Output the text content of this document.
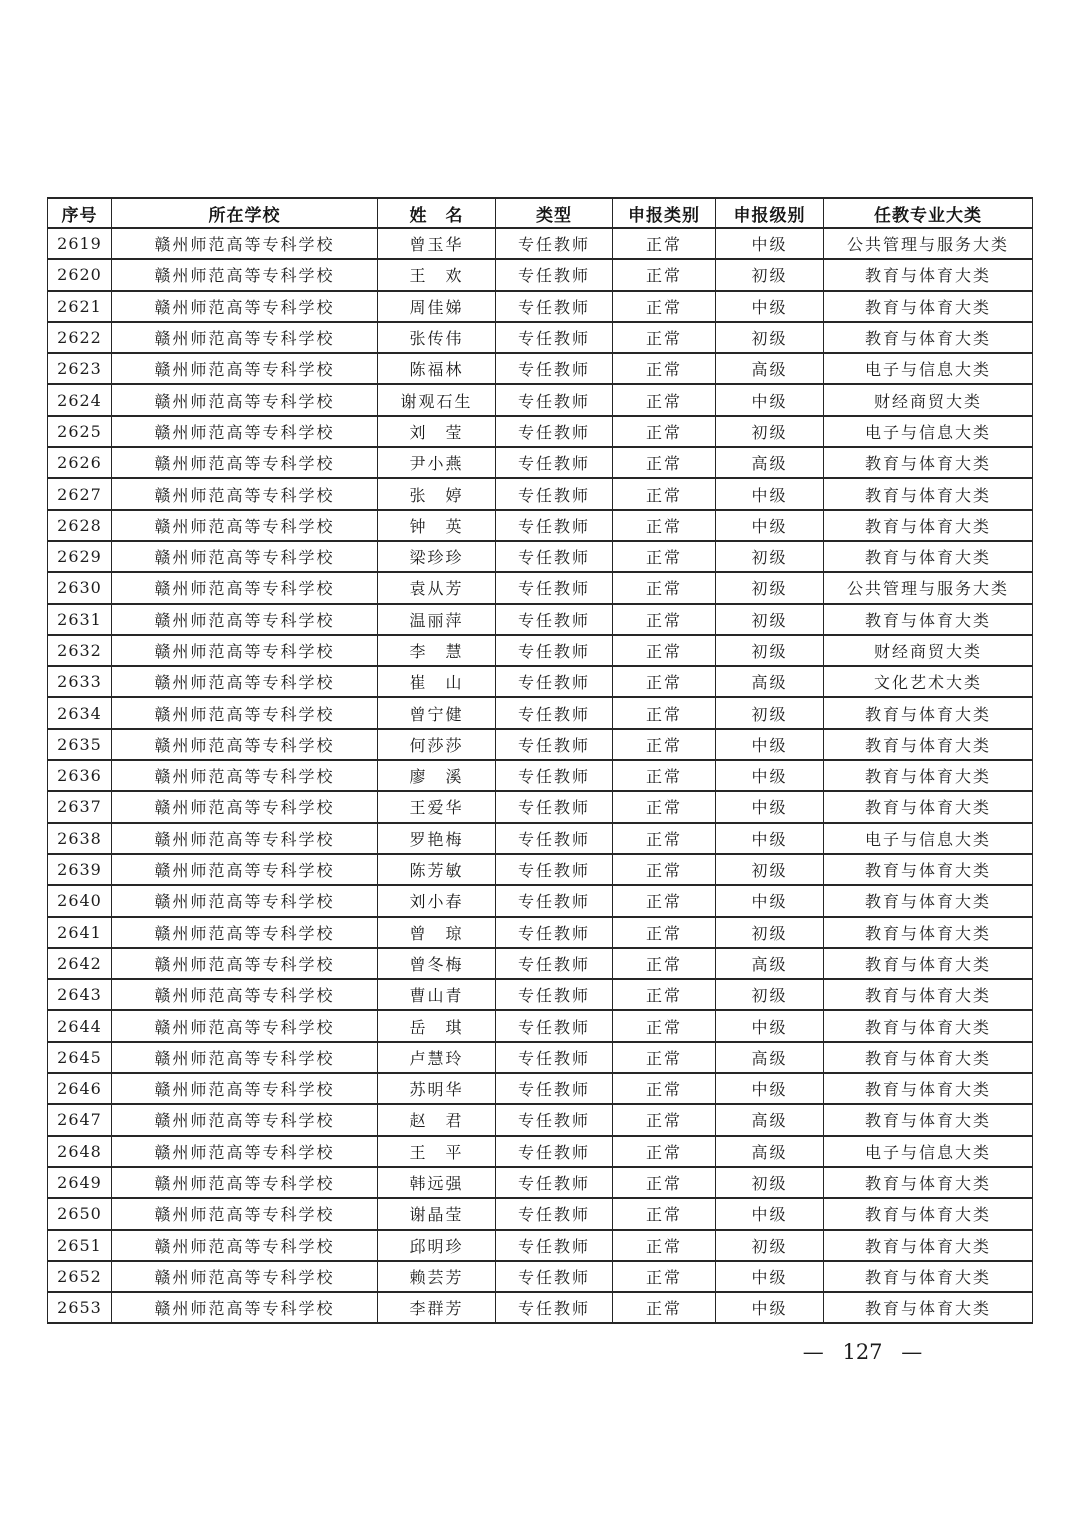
序号	所在学校	姓　名	类型	申报类别	申报级别	任教专业大类
2619	赣州师范高等专科学校	曾玉华	专任教师	正常	中级	公共管理与服务大类
2620	赣州师范高等专科学校	王　欢	专任教师	正常	初级	教育与体育大类
2621	赣州师范高等专科学校	周佳娣	专任教师	正常	中级	教育与体育大类
2622	赣州师范高等专科学校	张传伟	专任教师	正常	初级	教育与体育大类
2623	赣州师范高等专科学校	陈福林	专任教师	正常	高级	电子与信息大类
2624	赣州师范高等专科学校	谢观石生	专任教师	正常	中级	财经商贸大类
2625	赣州师范高等专科学校	刘　莹	专任教师	正常	初级	电子与信息大类
2626	赣州师范高等专科学校	尹小燕	专任教师	正常	高级	教育与体育大类
2627	赣州师范高等专科学校	张　婷	专任教师	正常	中级	教育与体育大类
2628	赣州师范高等专科学校	钟　英	专任教师	正常	中级	教育与体育大类
2629	赣州师范高等专科学校	梁珍珍	专任教师	正常	初级	教育与体育大类
2630	赣州师范高等专科学校	袁从芳	专任教师	正常	初级	公共管理与服务大类
2631	赣州师范高等专科学校	温丽萍	专任教师	正常	初级	教育与体育大类
2632	赣州师范高等专科学校	李　慧	专任教师	正常	初级	财经商贸大类
2633	赣州师范高等专科学校	崔　山	专任教师	正常	高级	文化艺术大类
2634	赣州师范高等专科学校	曾宁健	专任教师	正常	初级	教育与体育大类
2635	赣州师范高等专科学校	何莎莎	专任教师	正常	中级	教育与体育大类
2636	赣州师范高等专科学校	廖　溪	专任教师	正常	中级	教育与体育大类
2637	赣州师范高等专科学校	王爱华	专任教师	正常	中级	教育与体育大类
2638	赣州师范高等专科学校	罗艳梅	专任教师	正常	中级	电子与信息大类
2639	赣州师范高等专科学校	陈芳敏	专任教师	正常	初级	教育与体育大类
2640	赣州师范高等专科学校	刘小春	专任教师	正常	中级	教育与体育大类
2641	赣州师范高等专科学校	曾　琼	专任教师	正常	初级	教育与体育大类
2642	赣州师范高等专科学校	曾冬梅	专任教师	正常	高级	教育与体育大类
2643	赣州师范高等专科学校	曹山青	专任教师	正常	初级	教育与体育大类
2644	赣州师范高等专科学校	岳　琪	专任教师	正常	中级	教育与体育大类
2645	赣州师范高等专科学校	卢慧玲	专任教师	正常	高级	教育与体育大类
2646	赣州师范高等专科学校	苏明华	专任教师	正常	中级	教育与体育大类
2647	赣州师范高等专科学校	赵　君	专任教师	正常	高级	教育与体育大类
2648	赣州师范高等专科学校	王　平	专任教师	正常	高级	电子与信息大类
2649	赣州师范高等专科学校	韩远强	专任教师	正常	初级	教育与体育大类
2650	赣州师范高等专科学校	谢晶莹	专任教师	正常	中级	教育与体育大类
2651	赣州师范高等专科学校	邱明珍	专任教师	正常	初级	教育与体育大类
2652	赣州师范高等专科学校	赖芸芳	专任教师	正常	中级	教育与体育大类
2653	赣州师范高等专科学校	李群芳	专任教师	正常	中级	教育与体育大类
— 127 —
